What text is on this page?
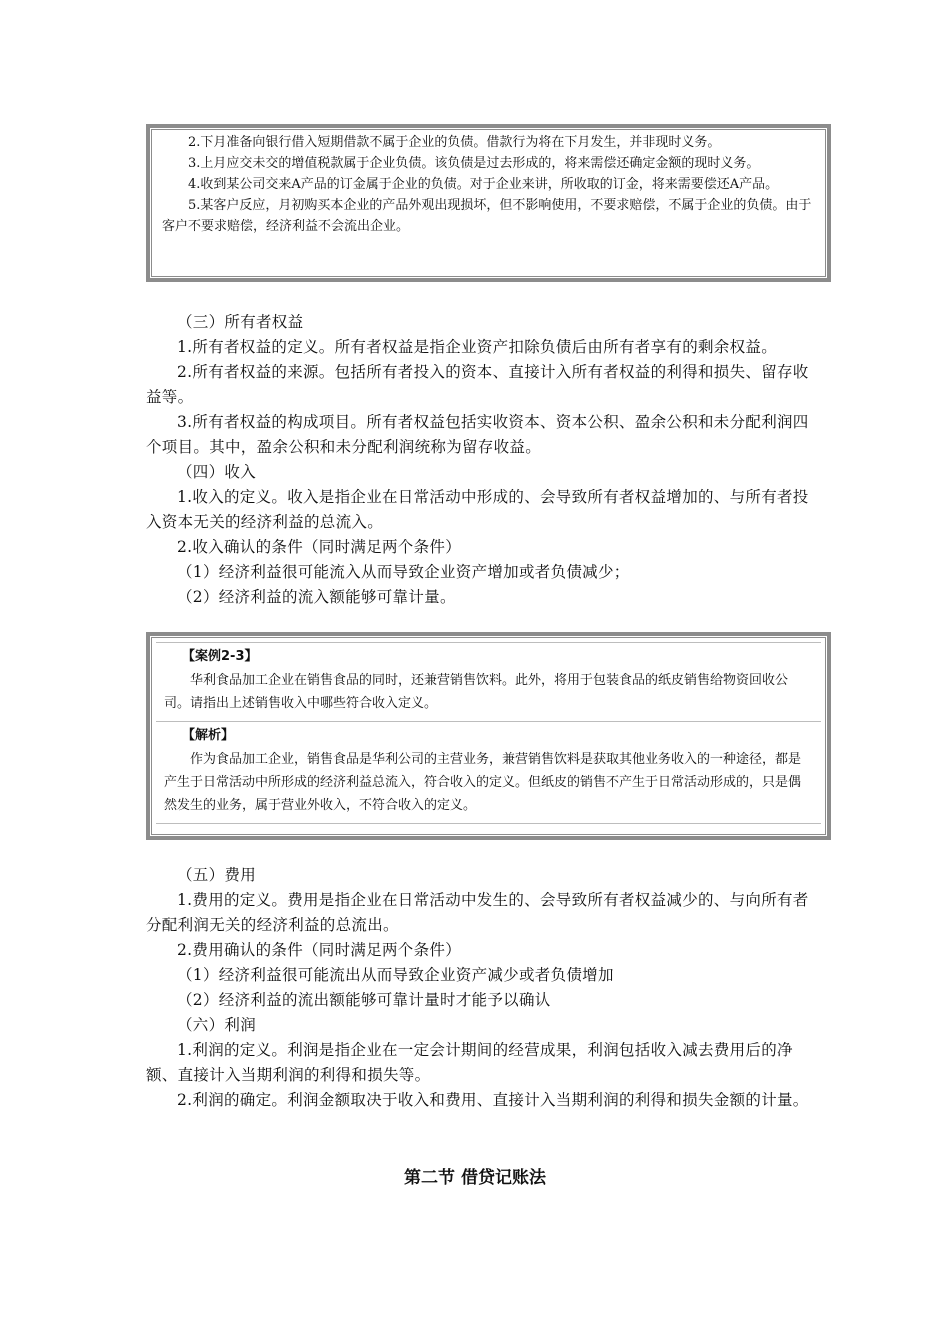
2.下月准备向银行借入短期借款不属于企业的负债。借款行为将在下月发生，并非现时义务。

3.上月应交未交的增值税款属于企业负债。该负债是过去形成的，将来需偿还确定金额的现时义务。

4.收到某公司交来A产品的订金属于企业的负债。对于企业来讲，所收取的订金，将来需要偿还A产品。

5.某客户反应，月初购买本企业的产品外观出现损坏，但不影响使用，不要求赔偿，不属于企业的负债。由于客户不要求赔偿，经济利益不会流出企业。

（三）所有者权益

1.所有者权益的定义。所有者权益是指企业资产扣除负债后由所有者享有的剩余权益。

2.所有者权益的来源。包括所有者投入的资本、直接计入所有者权益的利得和损失、留存收益等。

3.所有者权益的构成项目。所有者权益包括实收资本、资本公积、盈余公积和未分配利润四个项目。其中，盈余公积和未分配利润统称为留存收益。

（四）收入

1.收入的定义。收入是指企业在日常活动中形成的、会导致所有者权益增加的、与所有者投入资本无关的经济利益的总流入。

2.收入确认的条件（同时满足两个条件）

（1）经济利益很可能流入从而导致企业资产增加或者负债减少；

（2）经济利益的流入额能够可靠计量。

【案例2-3】

华利食品加工企业在销售食品的同时，还兼营销售饮料。此外，将用于包装食品的纸皮销售给物资回收公司。请指出上述销售收入中哪些符合收入定义。

【解析】

作为食品加工企业，销售食品是华利公司的主营业务，兼营销售饮料是获取其他业务收入的一种途径，都是产生于日常活动中所形成的经济利益总流入，符合收入的定义。但纸皮的销售不产生于日常活动形成的，只是偶然发生的业务，属于营业外收入，不符合收入的定义。

（五）费用

1.费用的定义。费用是指企业在日常活动中发生的、会导致所有者权益减少的、与向所有者分配利润无关的经济利益的总流出。

2.费用确认的条件（同时满足两个条件）

（1）经济利益很可能流出从而导致企业资产减少或者负债增加

（2）经济利益的流出额能够可靠计量时才能予以确认

（六）利润

1.利润的定义。利润是指企业在一定会计期间的经营成果，利润包括收入减去费用后的净额、直接计入当期利润的利得和损失等。

2.利润的确定。利润金额取决于收入和费用、直接计入当期利润的利得和损失金额的计量。

第二节 借贷记账法
